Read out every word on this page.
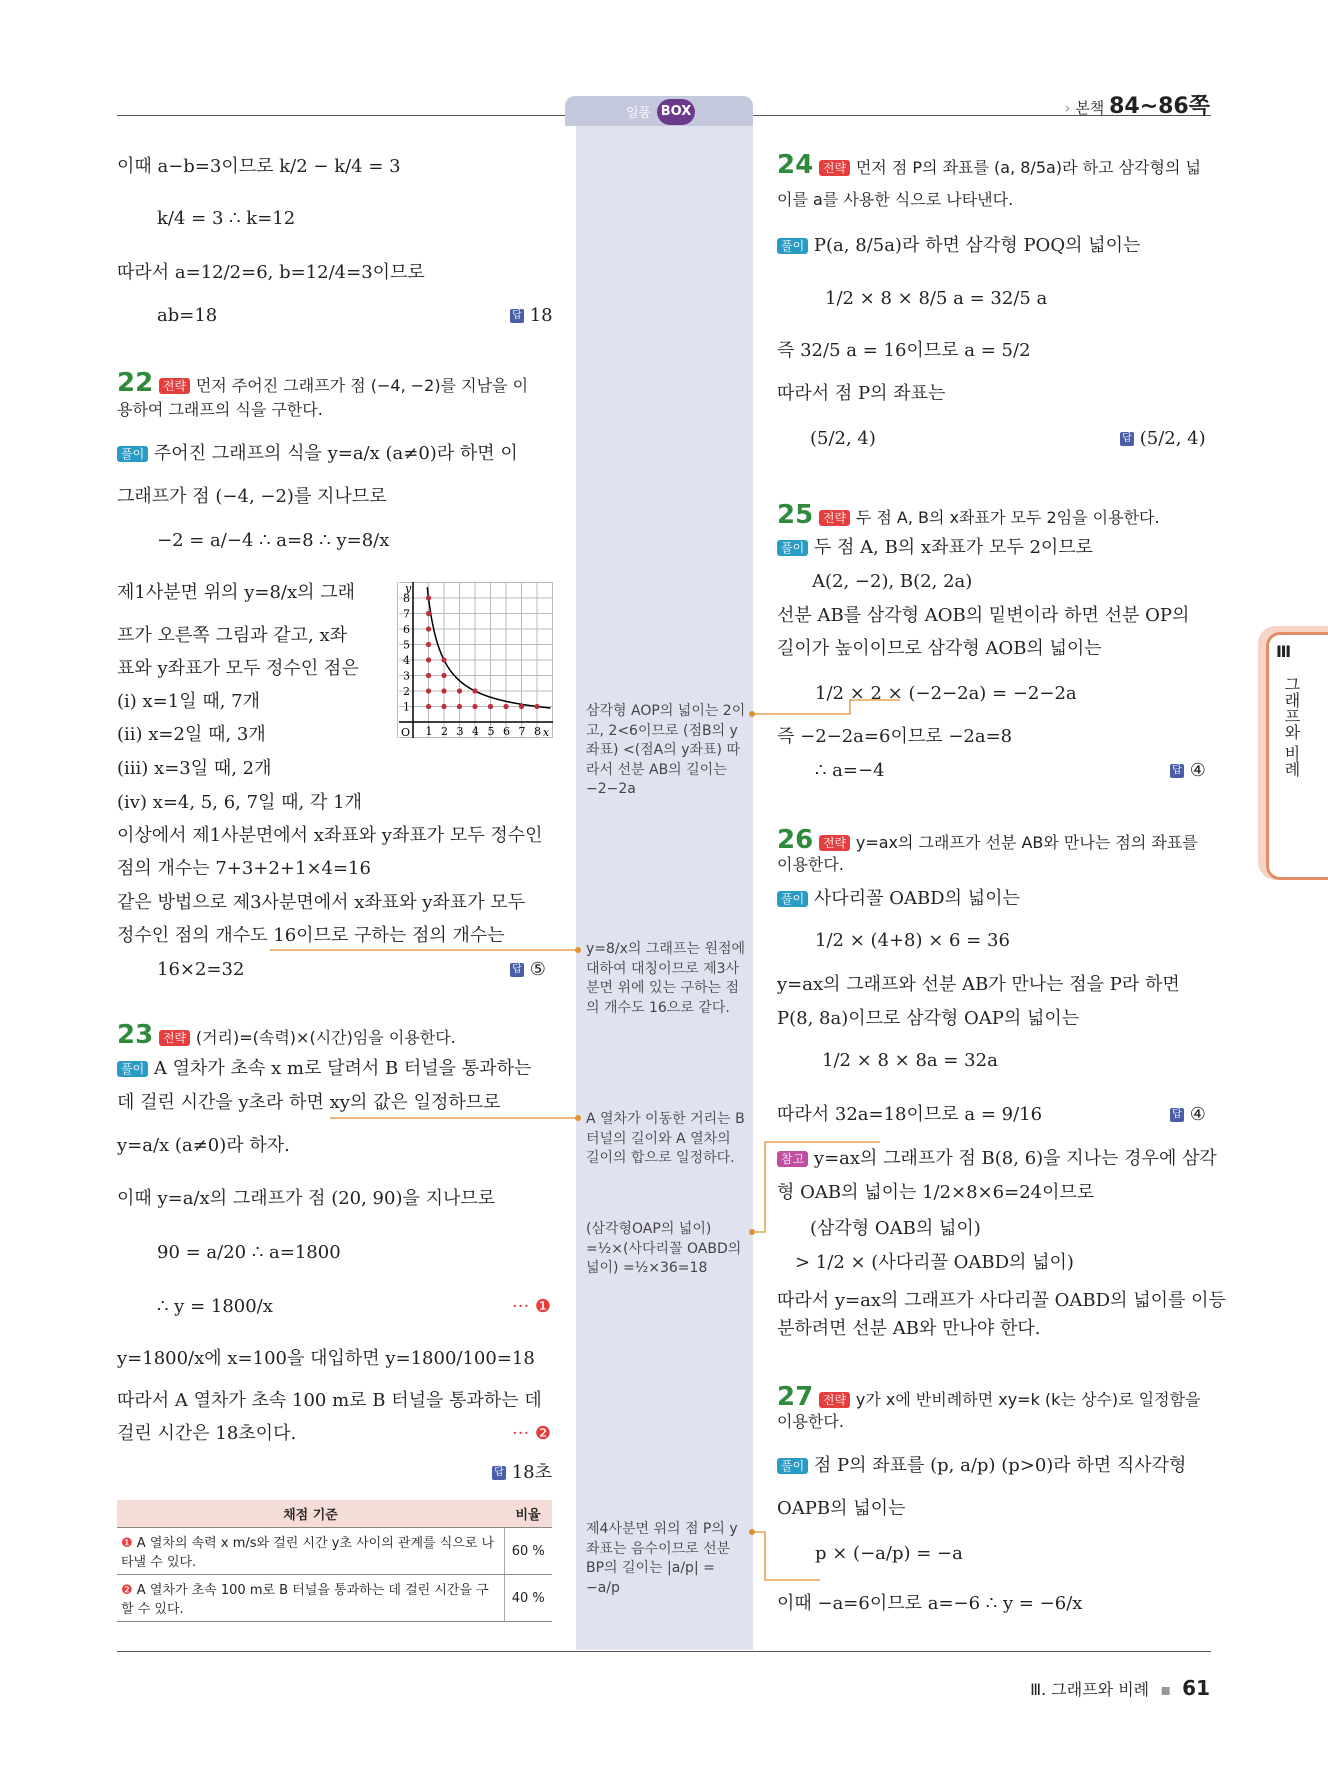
일품 BOX	› 본책 84~86쪽
Ⅲ
그래프와 비례
이때 a−b=3이므로 k/2 − k/4 = 3
k/4 = 3 ∴ k=12
따라서 a=12/2=6, b=12/4=3이므로
ab=18	답 18
22 전략 먼저 주어진 그래프가 점 (−4, −2)를 지남을 이
용하여 그래프의 식을 구한다.
풀이 주어진 그래프의 식을 y=a/x (a≠0)라 하면 이
그래프가 점 (−4, −2)를 지나므로
−2 = a/−4 ∴ a=8 ∴ y=8/x
제1사분면 위의 y=8/x의 그래
프가 오른쪽 그림과 같고, x좌
표와 y좌표가 모두 정수인 점은
(ⅰ) x=1일 때, 7개
(ⅱ) x=2일 때, 3개
(ⅲ) x=3일 때, 2개
(ⅳ) x=4, 5, 6, 7일 때, 각 1개
이상에서 제1사분면에서 x좌표와 y좌표가 모두 정수인
점의 개수는 7+3+2+1×4=16
같은 방법으로 제3사분면에서 x좌표와 y좌표가 모두
정수인 점의 개수도 16이므로 구하는 점의 개수는
16×2=32	답 ⑤
1
2
3
4
5
6
7
8
1 2 3 4 5 6 7 8
y
x
O
23 전략 (거리)=(속력)×(시간)임을 이용한다.
풀이 A 열차가 초속 x m로 달려서 B 터널을 통과하는
데 걸린 시간을 y초라 하면 xy의 값은 일정하므로
y=a/x (a≠0)라 하자.
이때 y=a/x의 그래프가 점 (20, 90)을 지나므로
90 = a/20 ∴ a=1800
∴ y = 1800/x	··· ❶
y=1800/x에 x=100을 대입하면 y=1800/100=18
따라서 A 열차가 초속 100 m로 B 터널을 통과하는 데
걸린 시간은 18초이다.	··· ❷
답 18초
채점 기준	비율
❶ A 열차의 속력 x m/s와 걸린 시간 y초 사이의 관계를 식으로 나타낼 수 있다.	60 %
❷ A 열차가 초속 100 m로 B 터널을 통과하는 데 걸린 시간을 구할 수 있다.	40 %
삼각형 AOP의 넓이는 2이고, 2<6이므로 (점B의 y좌표) <(점A의 y좌표) 따라서 선분 AB의 길이는 −2−2a
y=8/x의 그래프는 원점에 대하여 대칭이므로 제3사분면 위에 있는 구하는 점의 개수도 16으로 같다.
A 열차가 이동한 거리는 B 터널의 길이와 A 열차의 길이의 합으로 일정하다.
(삼각형OAP의 넓이) =½×(사다리꼴 OABD의 넓이) =½×36=18
제4사분면 위의 점 P의 y좌표는 음수이므로 선분 BP의 길이는 |a/p| = −a/p
24 전략 먼저 점 P의 좌표를 (a, 8/5a)라 하고 삼각형의 넓
이를 a를 사용한 식으로 나타낸다.
풀이 P(a, 8/5a)라 하면 삼각형 POQ의 넓이는
1/2 × 8 × 8/5 a = 32/5 a
즉 32/5 a = 16이므로 a = 5/2
따라서 점 P의 좌표는
(5/2, 4)	답 (5/2, 4)
25 전략 두 점 A, B의 x좌표가 모두 2임을 이용한다.
풀이 두 점 A, B의 x좌표가 모두 2이므로
A(2, −2), B(2, 2a)
선분 AB를 삼각형 AOB의 밑변이라 하면 선분 OP의
길이가 높이이므로 삼각형 AOB의 넓이는
1/2 × 2 × (−2−2a) = −2−2a
즉 −2−2a=6이므로 −2a=8
∴ a=−4	답 ④
26 전략 y=ax의 그래프가 선분 AB와 만나는 점의 좌표를
이용한다.
풀이 사다리꼴 OABD의 넓이는
1/2 × (4+8) × 6 = 36
y=ax의 그래프와 선분 AB가 만나는 점을 P라 하면
P(8, 8a)이므로 삼각형 OAP의 넓이는
1/2 × 8 × 8a = 32a
따라서 32a=18이므로 a = 9/16	답 ④
참고 y=ax의 그래프가 점 B(8, 6)을 지나는 경우에 삼각
형 OAB의 넓이는 1/2×8×6=24이므로
(삼각형 OAB의 넓이)
> 1/2 × (사다리꼴 OABD의 넓이)
따라서 y=ax의 그래프가 사다리꼴 OABD의 넓이를 이등
분하려면 선분 AB와 만나야 한다.
27 전략 y가 x에 반비례하면 xy=k (k는 상수)로 일정함을
이용한다.
풀이 점 P의 좌표를 (p, a/p) (p>0)라 하면 직사각형
OAPB의 넓이는
p × (−a/p) = −a
이때 −a=6이므로 a=−6 ∴ y = −6/x
Ⅲ. 그래프와 비례 ▪ 61
